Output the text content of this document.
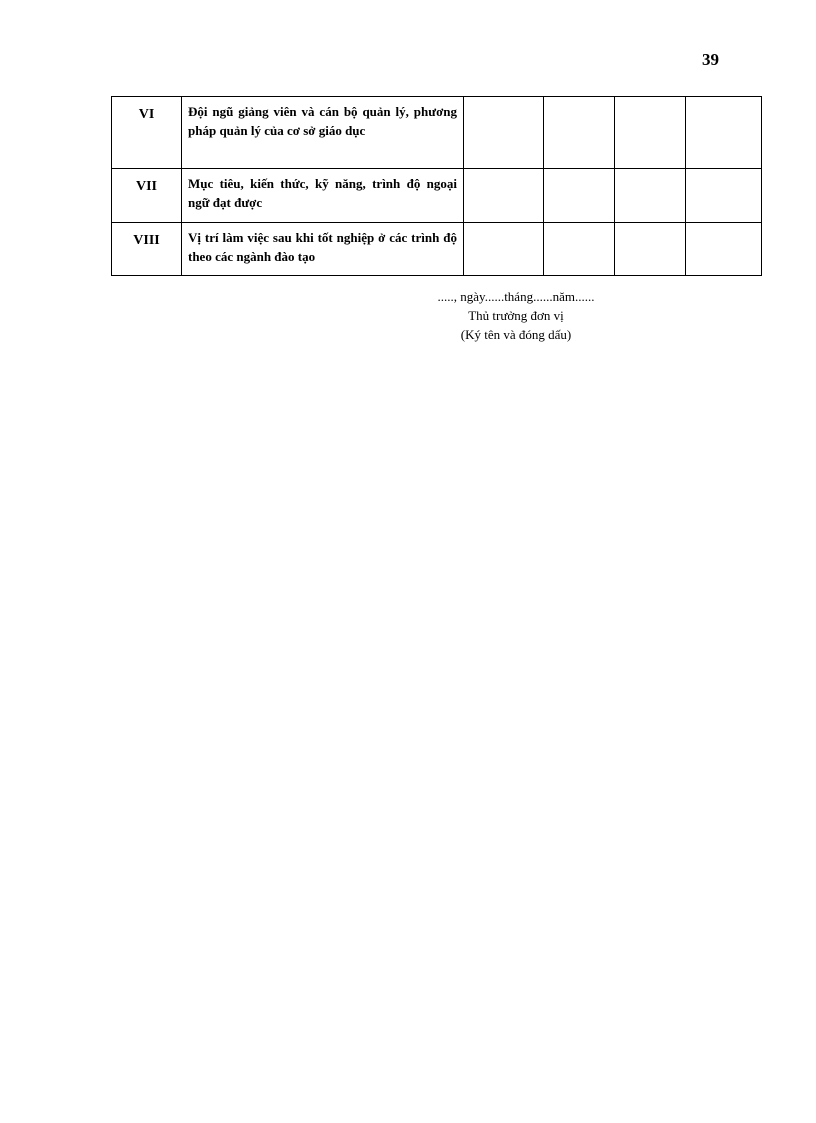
39
VI	Đội ngũ giảng viên và cán bộ quản lý, phương pháp quản lý của cơ sở giáo dục				
VII	Mục tiêu, kiến thức, kỹ năng, trình độ ngoại ngữ đạt được				
VIII	Vị trí làm việc sau khi tốt nghiệp ở các trình độ theo các ngành đào tạo				
....., ngày......tháng......năm......
Thủ trưởng đơn vị
(Ký tên và đóng dấu)
